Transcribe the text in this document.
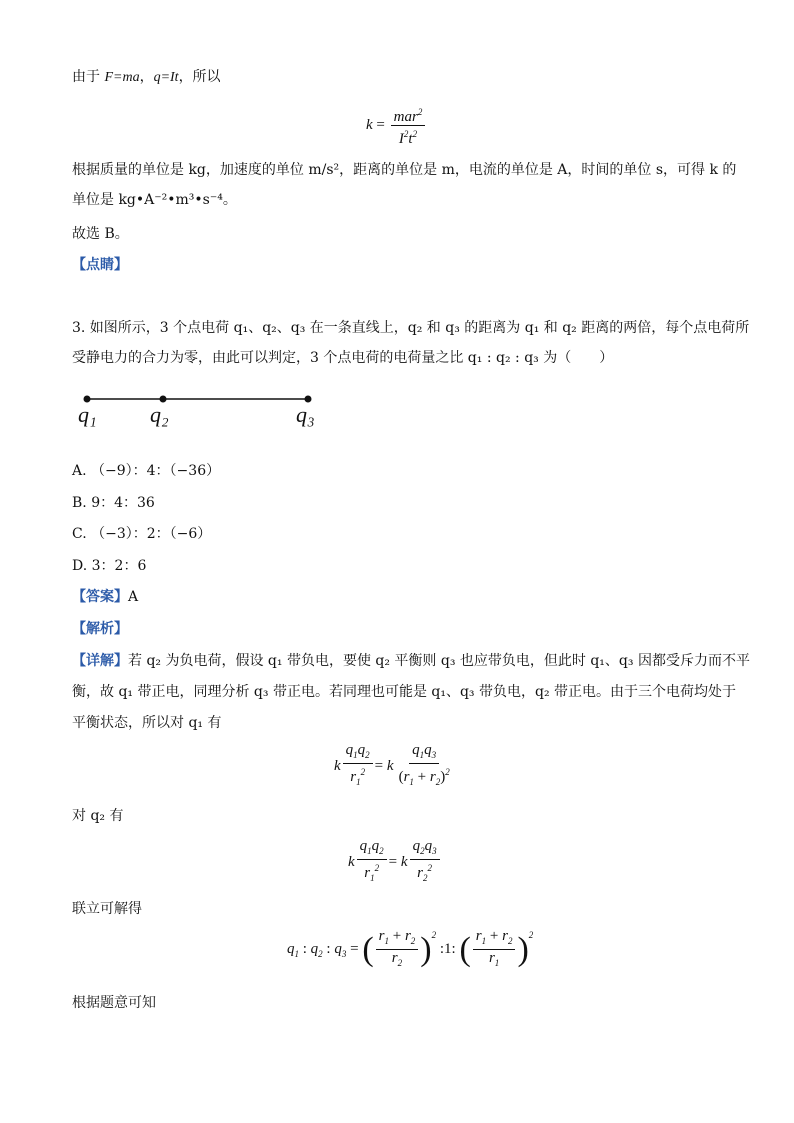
由于 F=ma，q=It，所以
$k = \frac{mar^2}{I^2t^2}$
根据质量的单位是 kg，加速度的单位 m/s²，距离的单位是 m，电流的单位是 A，时间的单位 s，可得 k 的
单位是 kg•A⁻²•m³•s⁻⁴。
故选 B。
【点睛】
3. 如图所示，3 个点电荷 q₁、q₂、q₃ 在一条直线上，q₂ 和 q₃ 的距离为 q₁ 和 q₂ 距离的两倍，每个点电荷所
受静电力的合力为零，由此可以判定，3 个点电荷的电荷量之比 q₁ : q₂ : q₃ 为（　　）
q₁ q₂	q₃
A. （−9）：4：（−36）
B. 9：4：36
C. （−3）：2：（−6）
D. 3：2：6
【答案】A
【解析】
【详解】若 q₂ 为负电荷，假设 q₁ 带负电，要使 q₂ 平衡则 q₃ 也应带负电，但此时 q₁、q₃ 因都受斥力而不平
衡，故 q₁ 带正电，同理分析 q₃ 带正电。若同理也可能是 q₁、q₃ 带负电，q₂ 带正电。由于三个电荷均处于
平衡状态，所以对 q₁ 有
k $\frac{q_1q_2}{r_1^2} = k \frac{q_1q_3}{(r_1 + r_2)^2}$
对 q₂ 有
k $\frac{q_1q_2}{r_1^2} = k \frac{q_2q_3}{r_2^2}$
联立可解得
$q_1$ : $q_2$ : $q_3$ = ( $\frac{r_1 + r_2}{r_2} )^2$
:1: ( $\frac{r_1 + r_2}{r_1} )^2$
根据题意可知
